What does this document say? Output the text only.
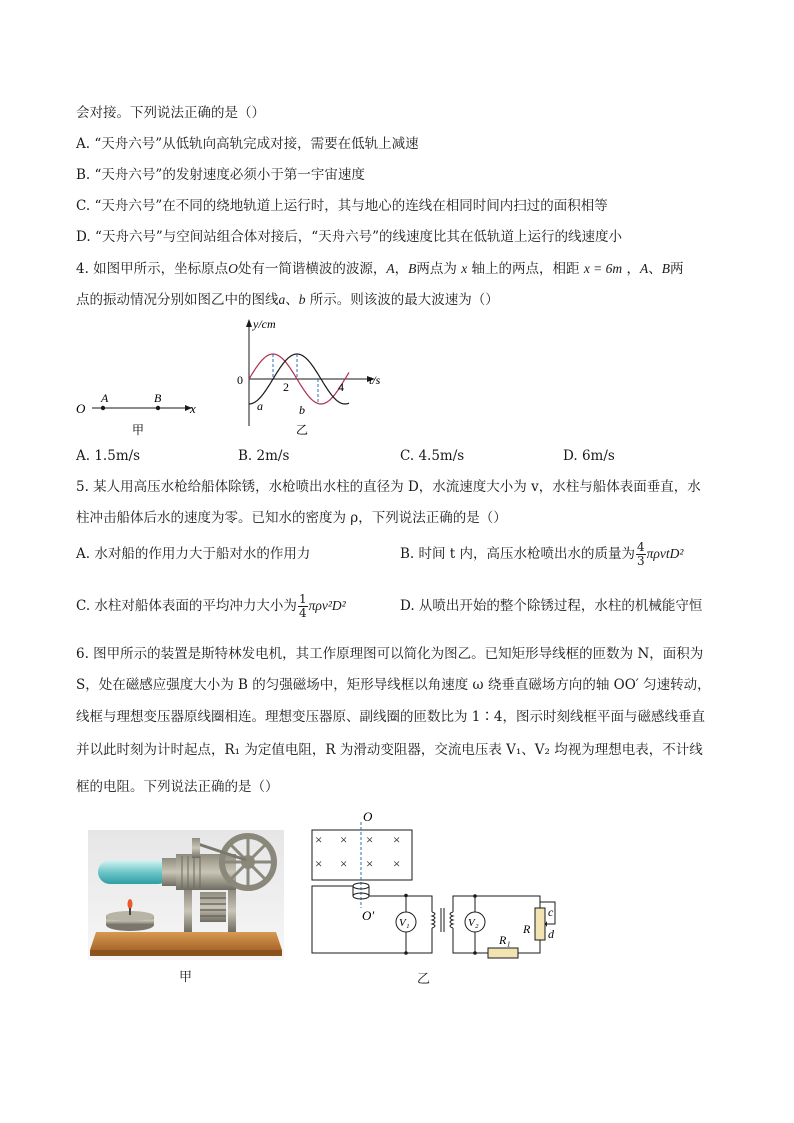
会对接。下列说法正确的是（）
A. “天舟六号”从低轨向高轨完成对接，需要在低轨上减速
B. “天舟六号”的发射速度必须小于第一宇宙速度
C. “天舟六号”在不同的绕地轨道上运行时，其与地心的连线在相同时间内扫过的面积相等
D. “天舟六号”与空间站组合体对接后，“天舟六号”的线速度比其在低轨道上运行的线速度小
4. 如图甲所示，坐标原点O处有一简谐横波的波源，A，B两点为 x 轴上的两点，相距 x = 6m ，A、B两
点的振动情况分别如图乙中的图线a、b 所示。则该波的最大波速为（）
O
A	B
x
甲
y/cm
t/s
0	2	4
a	b
乙
A. 1.5m/s	B. 2m/s	C. 4.5m/s	D. 6m/s
5. 某人用高压水枪给船体除锈，水枪喷出水柱的直径为 D，水流速度大小为 v，水柱与船体表面垂直，水
柱冲击船体后水的速度为零。已知水的密度为 ρ，下列说法正确的是（）
A. 水对船的作用力大于船对水的作用力	B. 时间 t 内，高压水枪喷出水的质量为 $\frac{4}{3} \pi\rho vtD^2$
C. 水柱对船体表面的平均冲力大小为 $\frac{1}{4} \pi\rho v^2D^2$	D. 从喷出开始的整个除锈过程，水柱的机械能守恒
6. 图甲所示的装置是斯特林发电机，其工作原理图可以简化为图乙。已知矩形导线框的匝数为 N，面积为
S，处在磁感应强度大小为 B 的匀强磁场中，矩形导线框以角速度 ω 绕垂直磁场方向的轴 OO′ 匀速转动，
线框与理想变压器原线圈相连。理想变压器原、副线圈的匝数比为 1∶4，图示时刻线框平面与磁感线垂直
并以此时刻为计时起点，R₁ 为定值电阻，R 为滑动变阻器，交流电压表 V₁、V₂ 均视为理想电表，不计线
框的电阻。下列说法正确的是（）
甲
× × × ×
× × × ×
O
O′ V₁	V₂
R₁
R
c
d
乙
